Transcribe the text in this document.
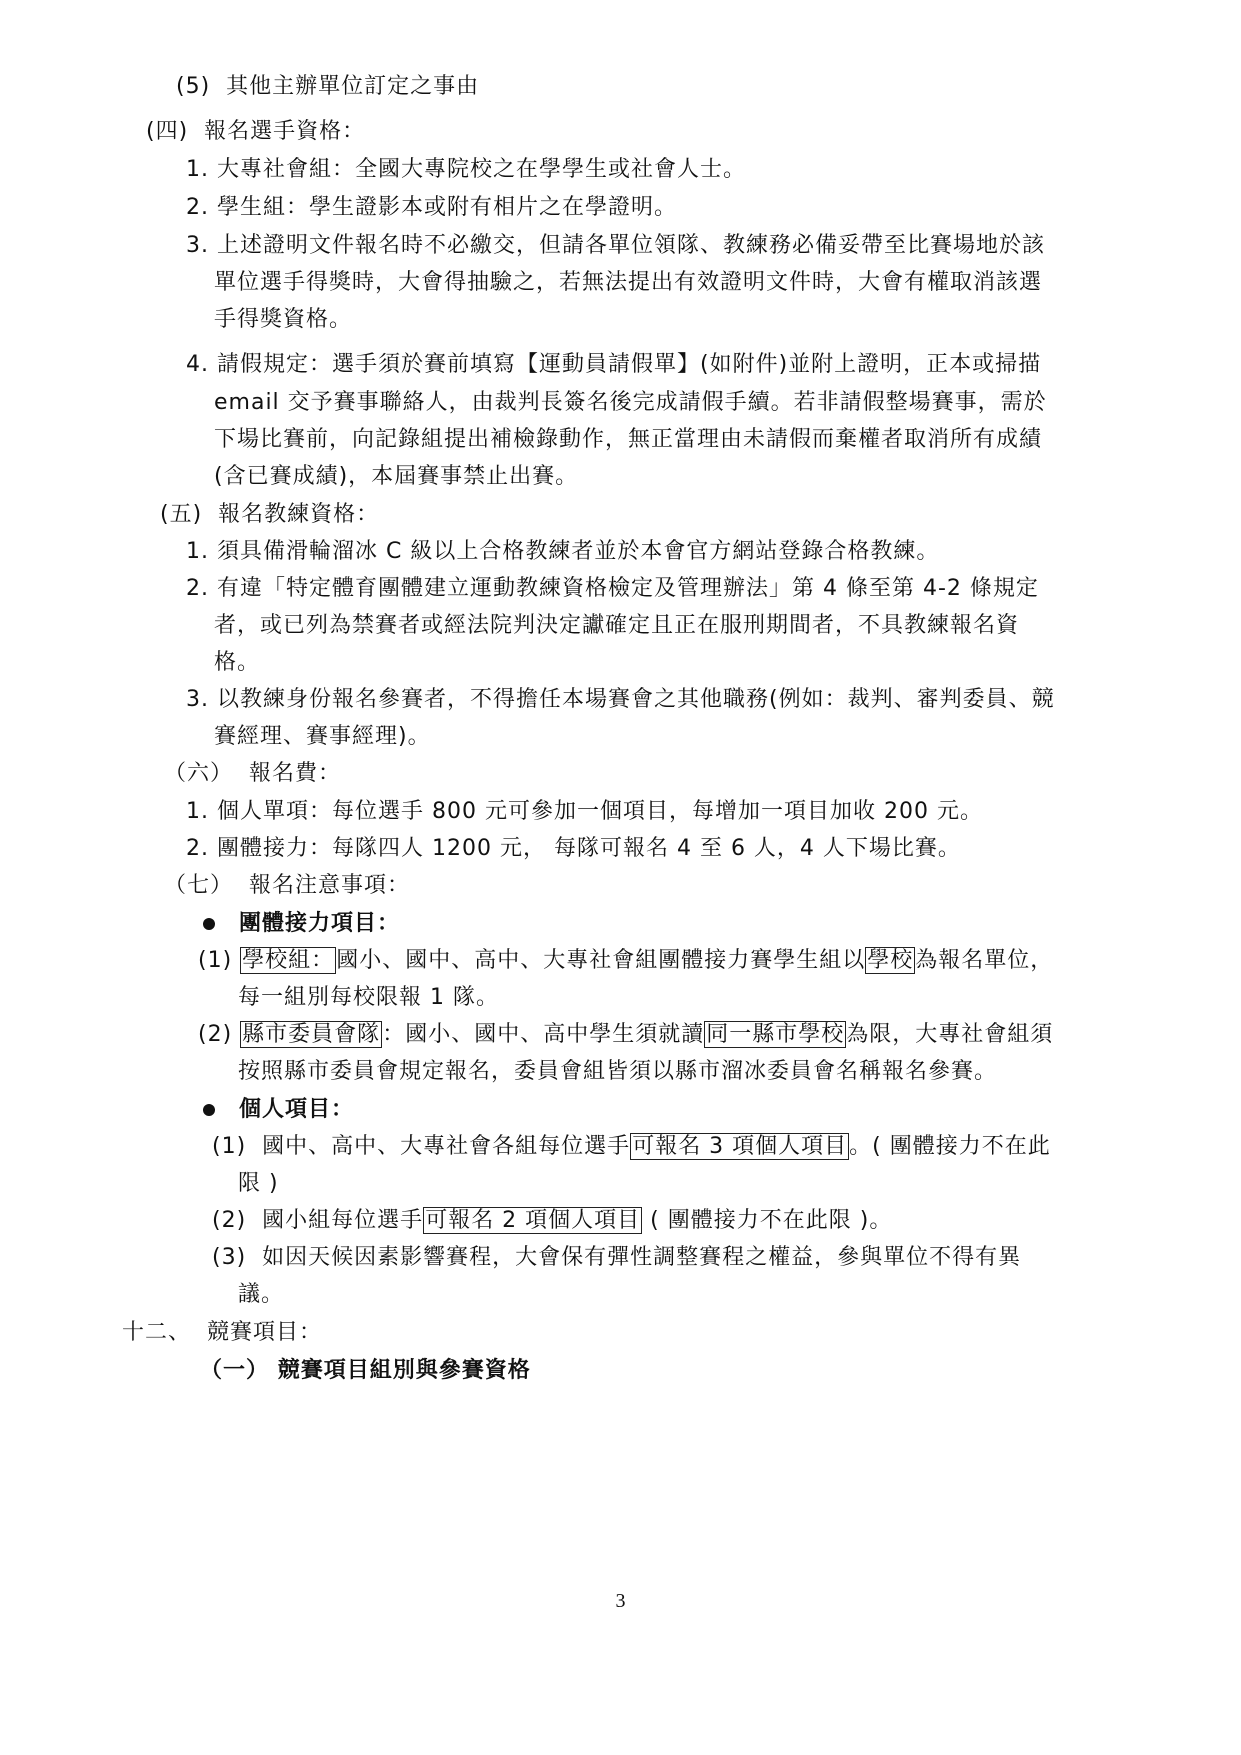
(5) 其他主辦單位訂定之事由
(四) 報名選手資格：
1. 大專社會組：全國大專院校之在學學生或社會人士。
2. 學生組：學生證影本或附有相片之在學證明。
3. 上述證明文件報名時不必繳交，但請各單位領隊、教練務必備妥帶至比賽場地於該
單位選手得獎時，大會得抽驗之，若無法提出有效證明文件時，大會有權取消該選
手得獎資格。
4. 請假規定：選手須於賽前填寫【運動員請假單】(如附件)並附上證明，正本或掃描
email 交予賽事聯絡人，由裁判長簽名後完成請假手續。若非請假整場賽事，需於
下場比賽前，向記錄組提出補檢錄動作，無正當理由未請假而棄權者取消所有成績
(含已賽成績)，本屆賽事禁止出賽。
(五) 報名教練資格：
1. 須具備滑輪溜冰 C 級以上合格教練者並於本會官方網站登錄合格教練。
2. 有違「特定體育團體建立運動教練資格檢定及管理辦法」第 4 條至第 4-2 條規定
者，或已列為禁賽者或經法院判決定讞確定且正在服刑期間者，不具教練報名資
格。
3. 以教練身份報名參賽者，不得擔任本場賽會之其他職務(例如：裁判、審判委員、競
賽經理、賽事經理)。
（六） 報名費：
1. 個人單項：每位選手 800 元可參加一個項目，每增加一項目加收 200 元。
2. 團體接力：每隊四人 1200 元， 每隊可報名 4 至 6 人，4 人下場比賽。
（七） 報名注意事項：
團體接力項目：
(1) 學校組：國小、國中、高中、大專社會組團體接力賽學生組以學校為報名單位，
每一組別每校限報 1 隊。
(2) 縣市委員會隊：國小、國中、高中學生須就讀同一縣市學校為限，大專社會組須
按照縣市委員會規定報名，委員會組皆須以縣市溜冰委員會名稱報名參賽。
個人項目：
(1) 國中、高中、大專社會各組每位選手可報名 3 項個人項目。( 團體接力不在此
限 )
(2) 國小組每位選手可報名 2 項個人項目 ( 團體接力不在此限 )。
(3) 如因天候因素影響賽程，大會保有彈性調整賽程之權益，參與單位不得有異
議。
十二、 競賽項目：
（一） 競賽項目組別與參賽資格
3
